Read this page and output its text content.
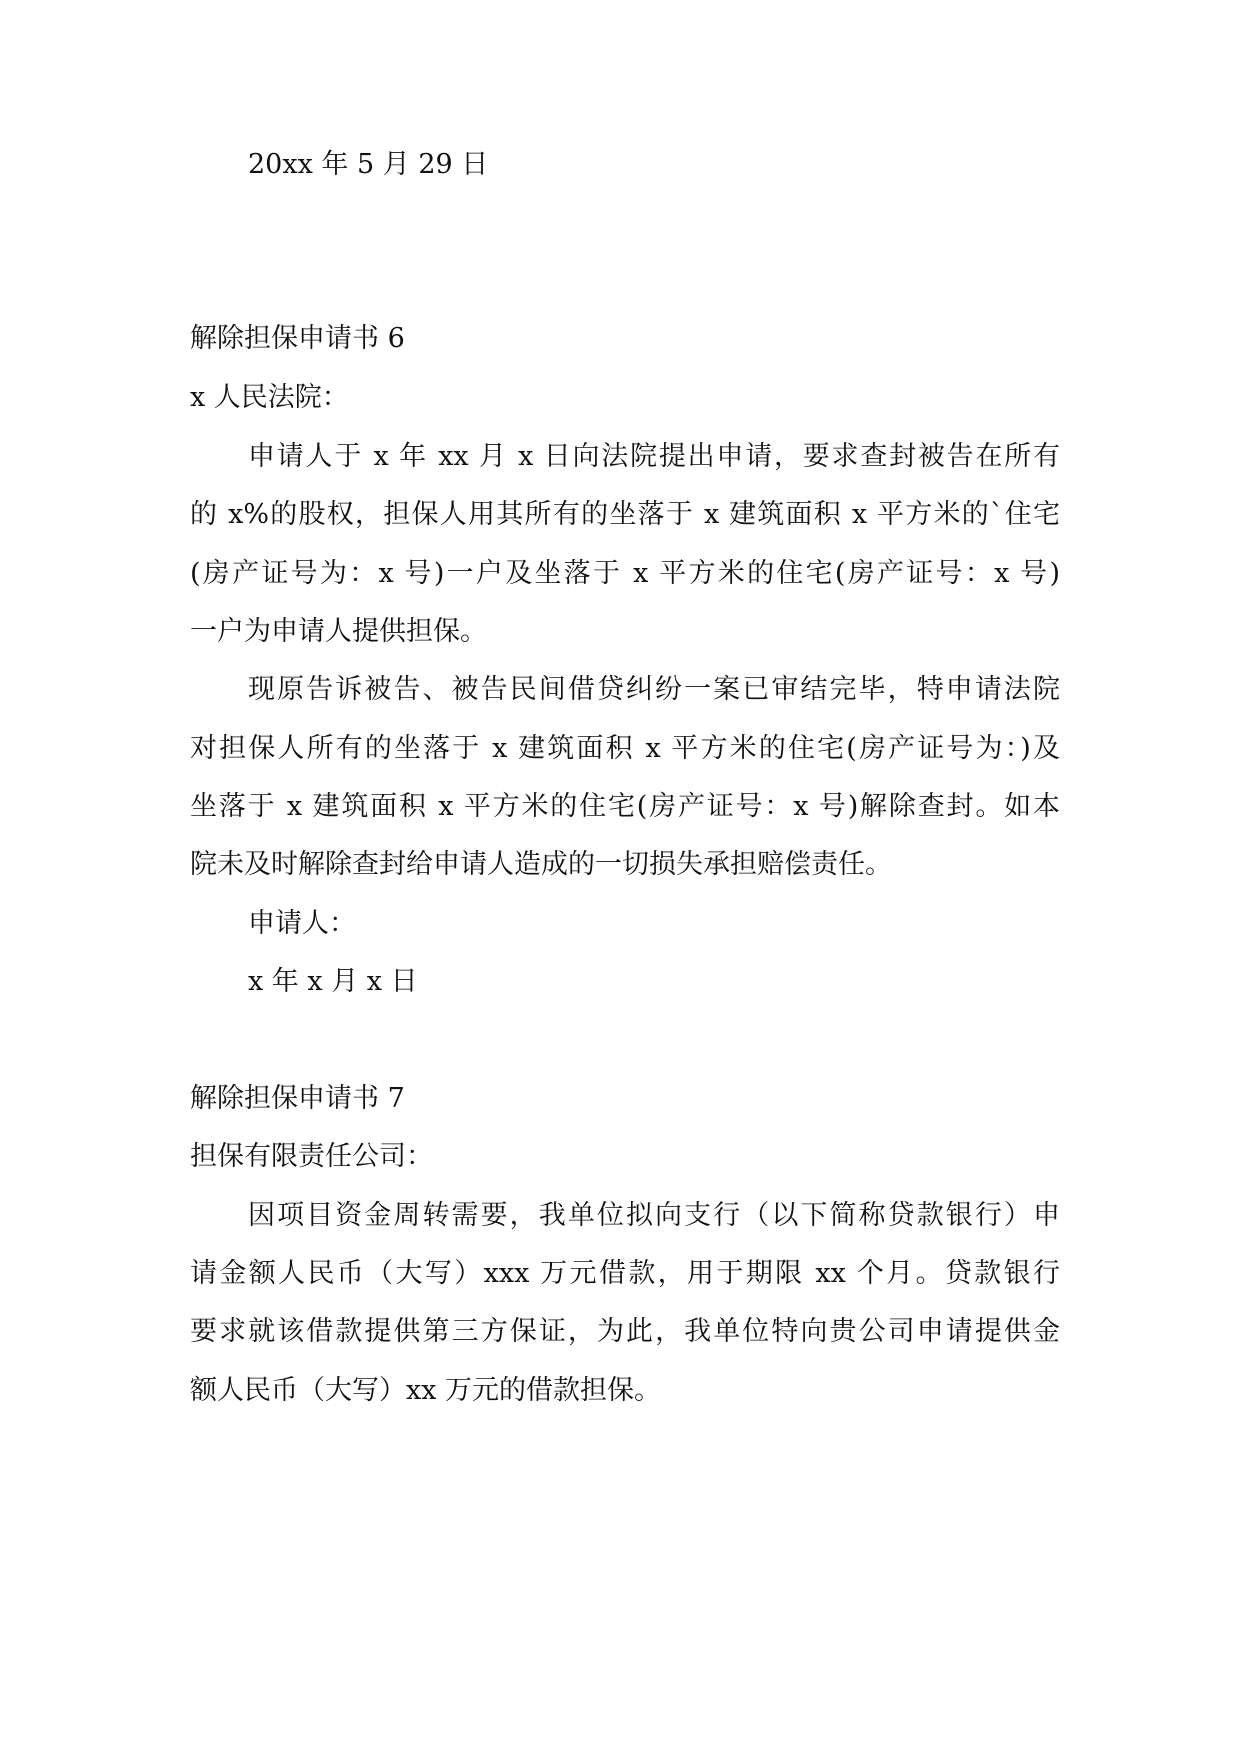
20xx 年 5 月 29 日
解除担保申请书 6
x 人民法院：
申请人于 x 年 xx 月 x 日向法院提出申请，要求查封被告在所有
的 x%的股权，担保人用其所有的坐落于 x 建筑面积 x 平方米的`住宅
(房产证号为：x 号)一户及坐落于 x 平方米的住宅(房产证号：x 号)
一户为申请人提供担保。
现原告诉被告、被告民间借贷纠纷一案已审结完毕，特申请法院
对担保人所有的坐落于 x 建筑面积 x 平方米的住宅(房产证号为：)及
坐落于 x 建筑面积 x 平方米的住宅(房产证号：x 号)解除查封。如本
院未及时解除查封给申请人造成的一切损失承担赔偿责任。
申请人：
x 年 x 月 x 日
解除担保申请书 7
担保有限责任公司：
因项目资金周转需要，我单位拟向支行（以下简称贷款银行）申
请金额人民币（大写）xxx 万元借款，用于期限 xx 个月。贷款银行
要求就该借款提供第三方保证，为此，我单位特向贵公司申请提供金
额人民币（大写）xx 万元的借款担保。
